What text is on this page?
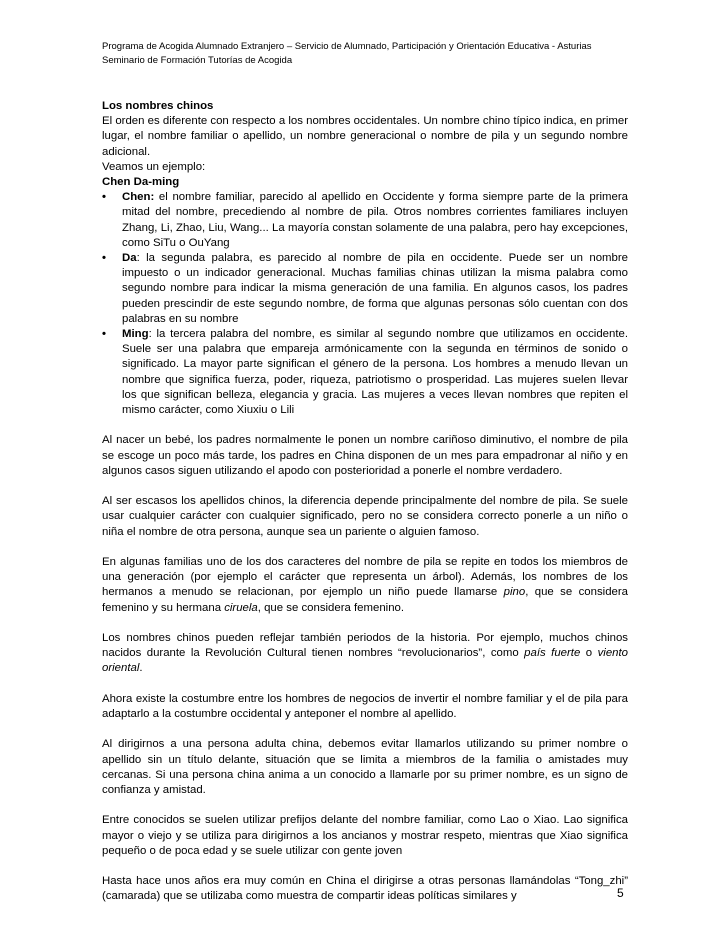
Programa de Acogida Alumnado Extranjero – Servicio de Alumnado, Participación y Orientación Educativa - Asturias
Seminario de Formación Tutorías de Acogida

Los nombres chinos

El orden es diferente con respecto a los nombres occidentales. Un nombre chino típico indica, en primer lugar, el nombre familiar o apellido, un nombre generacional o nombre de pila y un segundo nombre adicional.

Veamos un ejemplo:

Chen Da-ming

• Chen: el nombre familiar, parecido al apellido en Occidente y forma siempre parte de la primera mitad del nombre, precediendo al nombre de pila. Otros nombres corrientes familiares incluyen Zhang, Li, Zhao, Liu, Wang... La mayoría constan solamente de una palabra, pero hay excepciones, como SiTu o OuYang
• Da: la segunda palabra, es parecido al nombre de pila en occidente. Puede ser un nombre impuesto o un indicador generacional. Muchas familias chinas utilizan la misma palabra como segundo nombre para indicar la misma generación de una familia. En algunos casos, los padres pueden prescindir de este segundo nombre, de forma que algunas personas sólo cuentan con dos palabras en su nombre
• Ming: la tercera palabra del nombre, es similar al segundo nombre que utilizamos en occidente. Suele ser una palabra que empareja armónicamente con la segunda en términos de sonido o significado. La mayor parte significan el género de la persona. Los hombres a menudo llevan un nombre que significa fuerza, poder, riqueza, patriotismo o prosperidad. Las mujeres suelen llevar los que significan belleza, elegancia y gracia. Las mujeres a veces llevan nombres que repiten el mismo carácter, como Xiuxiu o Lili

Al nacer un bebé, los padres normalmente le ponen un nombre cariñoso diminutivo, el nombre de pila se escoge un poco más tarde, los padres en China disponen de un mes para empadronar al niño y en algunos casos siguen utilizando el apodo con posterioridad a ponerle el nombre verdadero.

Al ser escasos los apellidos chinos, la diferencia depende principalmente del nombre de pila. Se suele usar cualquier carácter con cualquier significado, pero no se considera correcto ponerle a un niño o niña el nombre de otra persona, aunque sea un pariente o alguien famoso.

En algunas familias uno de los dos caracteres del nombre de pila se repite en todos los miembros de una generación (por ejemplo el carácter que representa un árbol). Además, los nombres de los hermanos a menudo se relacionan, por ejemplo un niño puede llamarse pino, que se considera femenino y su hermana ciruela, que se considera femenino.

Los nombres chinos pueden reflejar también periodos de la historia. Por ejemplo, muchos chinos nacidos durante la Revolución Cultural tienen nombres “revolucionarios”, como país fuerte o viento oriental.

Ahora existe la costumbre entre los hombres de negocios de invertir el nombre familiar y el de pila para adaptarlo a la costumbre occidental y anteponer el nombre al apellido.

Al dirigirnos a una persona adulta china, debemos evitar llamarlos utilizando su primer nombre o apellido sin un título delante, situación que se limita a miembros de la familia o amistades muy cercanas. Si una persona china anima a un conocido a llamarle por su primer nombre, es un signo de confianza y amistad.

Entre conocidos se suelen utilizar prefijos delante del nombre familiar, como Lao o Xiao. Lao significa mayor o viejo y se utiliza para dirigirnos a los ancianos y mostrar respeto, mientras que Xiao significa pequeño o de poca edad y se suele utilizar con gente joven

Hasta hace unos años era muy común en China el dirigirse a otras personas llamándolas “Tong_zhi” (camarada) que se utilizaba como muestra de compartir ideas políticas similares y	5
